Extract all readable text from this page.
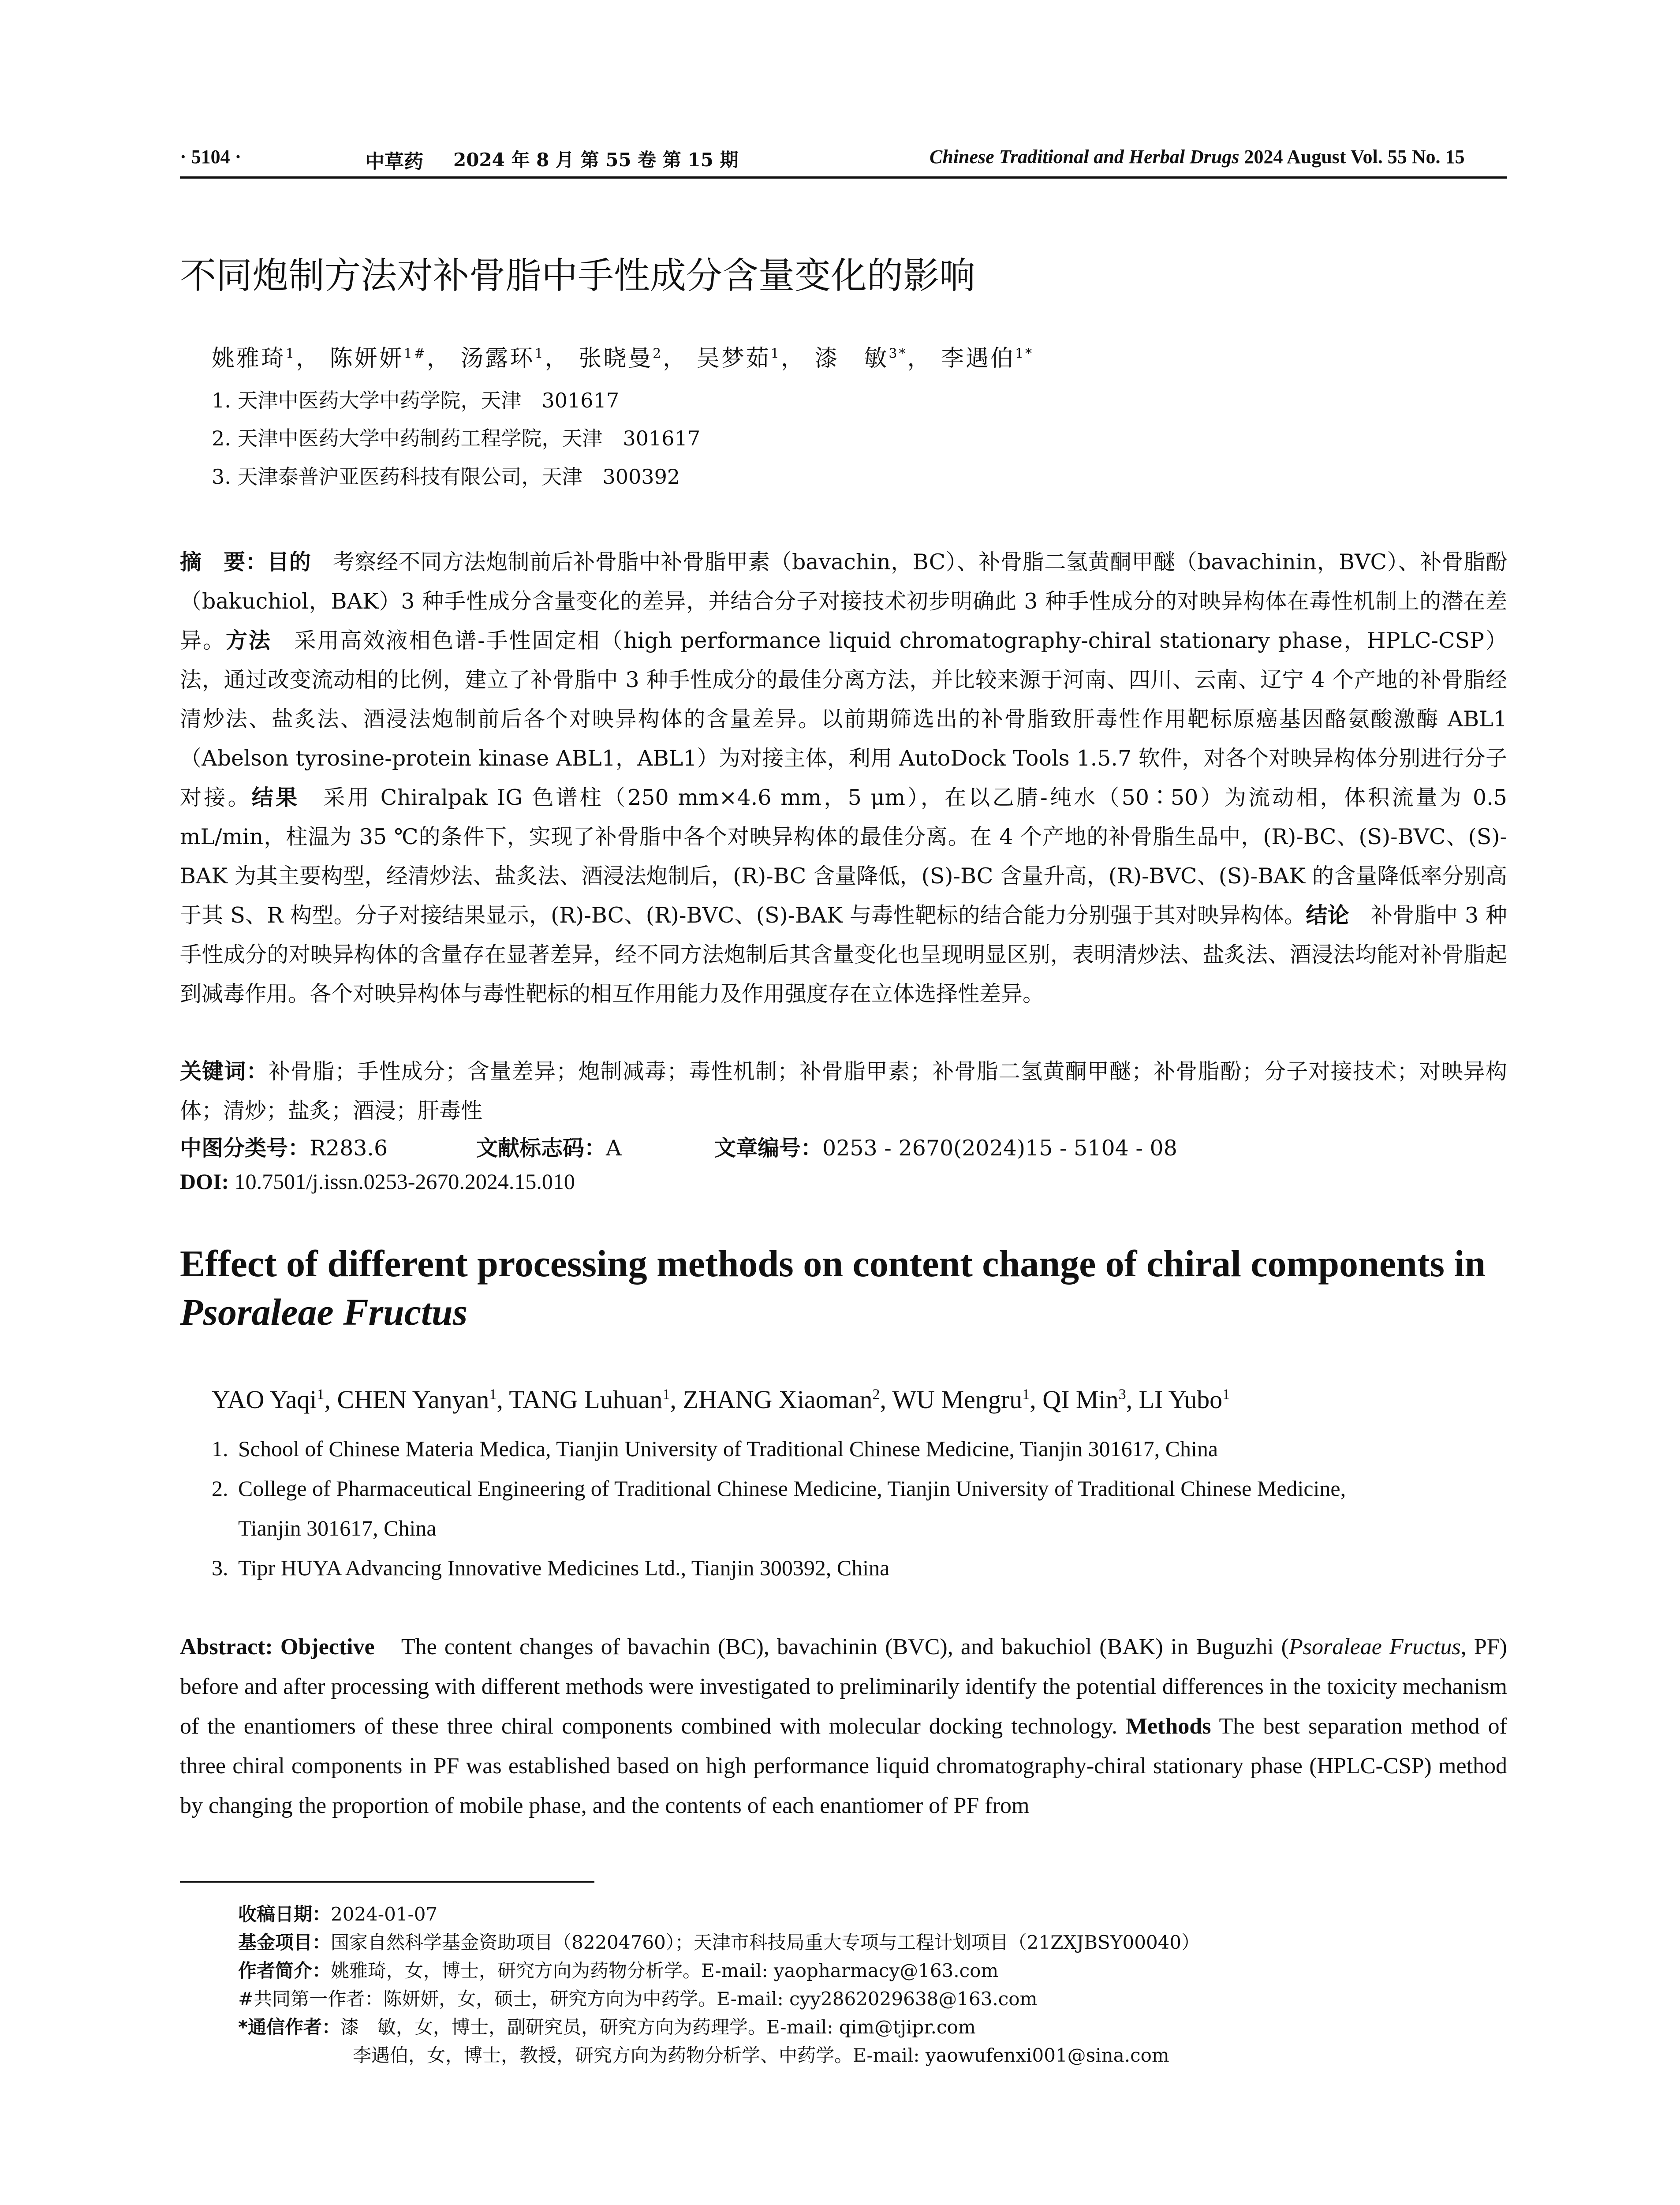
· 5104 ·	中草药 2024 年 8 月 第 55 卷 第 15 期	Chinese Traditional and Herbal Drugs 2024 August Vol. 55 No. 15
不同炮制方法对补骨脂中手性成分含量变化的影响
姚雅琦$^1$， 陈妍妍$^{1\#}$， 汤露环$^1$， 张晓曼$^2$， 吴梦茹$^1$， 漆　敏$^{3*}$， 李遇伯$^{1*}$
1. 天津中医药大学中药学院，天津　301617
2. 天津中医药大学中药制药工程学院，天津　301617
3. 天津泰普沪亚医药科技有限公司，天津　300392
摘　要：目的　考察经不同方法炮制前后补骨脂中补骨脂甲素（bavachin，BC）、补骨脂二氢黄酮甲醚（bavachinin，BVC）、补骨脂酚（bakuchiol，BAK）3 种手性成分含量变化的差异，并结合分子对接技术初步明确此 3 种手性成分的对映异构体在毒性机制上的潜在差异。方法　采用高效液相色谱-手性固定相（high performance liquid chromatography-chiral stationary phase，HPLC-CSP）法，通过改变流动相的比例，建立了补骨脂中 3 种手性成分的最佳分离方法，并比较来源于河南、四川、云南、辽宁 4 个产地的补骨脂经清炒法、盐炙法、酒浸法炮制前后各个对映异构体的含量差异。以前期筛选出的补骨脂致肝毒性作用靶标原癌基因酪氨酸激酶 ABL1（Abelson tyrosine-protein kinase ABL1，ABL1）为对接主体，利用 AutoDock Tools 1.5.7 软件，对各个对映异构体分别进行分子对接。结果　采用 Chiralpak IG 色谱柱（250 mm×4.6 mm，5 μm），在以乙腈-纯水（50∶50）为流动相，体积流量为 0.5 mL/min，柱温为 35 ℃的条件下，实现了补骨脂中各个对映异构体的最佳分离。在 4 个产地的补骨脂生品中，(R)-BC、(S)-BVC、(S)-BAK 为其主要构型，经清炒法、盐炙法、酒浸法炮制后，(R)-BC 含量降低，(S)-BC 含量升高，(R)-BVC、(S)-BAK 的含量降低率分别高于其 S、R 构型。分子对接结果显示，(R)-BC、(R)-BVC、(S)-BAK 与毒性靶标的结合能力分别强于其对映异构体。结论　补骨脂中 3 种手性成分的对映异构体的含量存在显著差异，经不同方法炮制后其含量变化也呈现明显区别，表明清炒法、盐炙法、酒浸法均能对补骨脂起到减毒作用。各个对映异构体与毒性靶标的相互作用能力及作用强度存在立体选择性差异。
关键词：补骨脂；手性成分；含量差异；炮制减毒；毒性机制；补骨脂甲素；补骨脂二氢黄酮甲醚；补骨脂酚；分子对接技术；对映异构体；清炒；盐炙；酒浸；肝毒性
中图分类号：R283.6	文献标志码：A	文章编号：0253 - 2670(2024)15 - 5104 - 08
DOI: 10.7501/j.issn.0253-2670.2024.15.010
Effect of different processing methods on content change of chiral components in Psoraleae Fructus
YAO Yaqi$^1$, CHEN Yanyan$^1$, TANG Luhuan$^1$, ZHANG Xiaoman$^2$, WU Mengru$^1$, QI Min$^3$, LI Yubo$^1$
1. School of Chinese Materia Medica, Tianjin University of Traditional Chinese Medicine, Tianjin 301617, China
2. College of Pharmaceutical Engineering of Traditional Chinese Medicine, Tianjin University of Traditional Chinese Medicine,
Tianjin 301617, China
3. Tipr HUYA Advancing Innovative Medicines Ltd., Tianjin 300392, China
Abstract: Objective　The content changes of bavachin (BC), bavachinin (BVC), and bakuchiol (BAK) in Buguzhi (Psoraleae Fructus, PF) before and after processing with different methods were investigated to preliminarily identify the potential differences in the toxicity mechanism of the enantiomers of these three chiral components combined with molecular docking technology. Methods The best separation method of three chiral components in PF was established based on high performance liquid chromatography-chiral stationary phase (HPLC-CSP) method by changing the proportion of mobile phase, and the contents of each enantiomer of PF from
收稿日期：2024-01-07
基金项目：国家自然科学基金资助项目（82204760）；天津市科技局重大专项与工程计划项目（21ZXJBSY00040）
作者简介：姚雅琦，女，博士，研究方向为药物分析学。E-mail: yaopharmacy@163.com
#共同第一作者：陈妍妍，女，硕士，研究方向为中药学。E-mail: cyy2862029638@163.com
*通信作者：漆　敏，女，博士，副研究员，研究方向为药理学。E-mail: qim@tjipr.com
李遇伯，女，博士，教授，研究方向为药物分析学、中药学。E-mail: yaowufenxi001@sina.com
